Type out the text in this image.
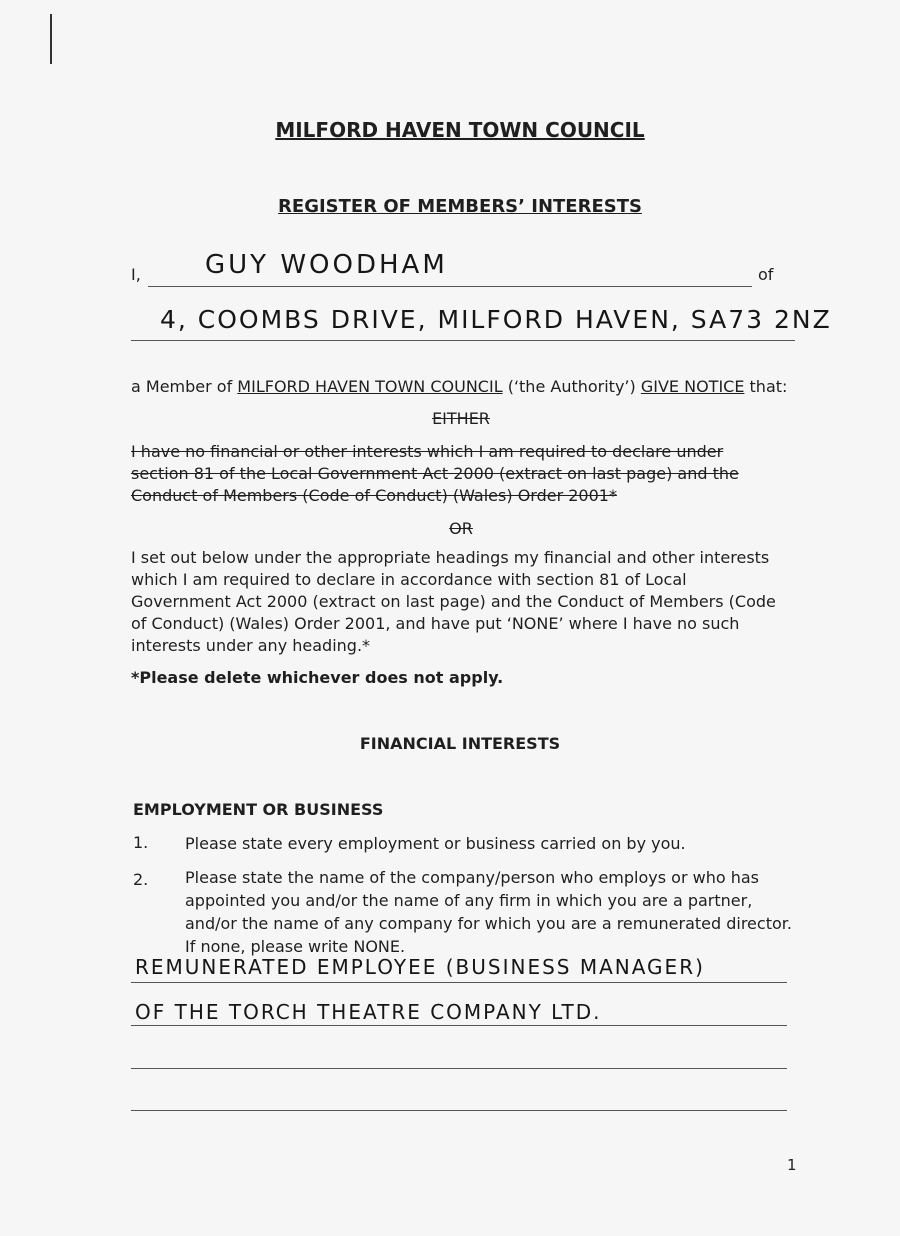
MILFORD HAVEN TOWN COUNCIL
REGISTER OF MEMBERS’ INTERESTS
I, GUY WOODHAM	of
4, COOMBS DRIVE, MILFORD HAVEN, SA73 2NZ
a Member of MILFORD HAVEN TOWN COUNCIL (‘the Authority’) GIVE NOTICE that:
EITHER
I have no financial or other interests which I am required to declare under section 81 of the Local Government Act 2000 (extract on last page) and the Conduct of Members (Code of Conduct) (Wales) Order 2001*
OR
I set out below under the appropriate headings my financial and other interests which I am required to declare in accordance with section 81 of Local Government Act 2000 (extract on last page) and the Conduct of Members (Code of Conduct) (Wales) Order 2001, and have put ‘NONE’ where I have no such interests under any heading.*
*Please delete whichever does not apply.
FINANCIAL INTERESTS
EMPLOYMENT OR BUSINESS
1. Please state every employment or business carried on by you.
2. Please state the name of the company/person who employs or who has appointed you and/or the name of any firm in which you are a partner, and/or the name of any company for which you are a remunerated director. If none, please write NONE.
REMUNERATED EMPLOYEE (BUSINESS MANAGER)
OF THE TORCH THEATRE COMPANY LTD.
1
